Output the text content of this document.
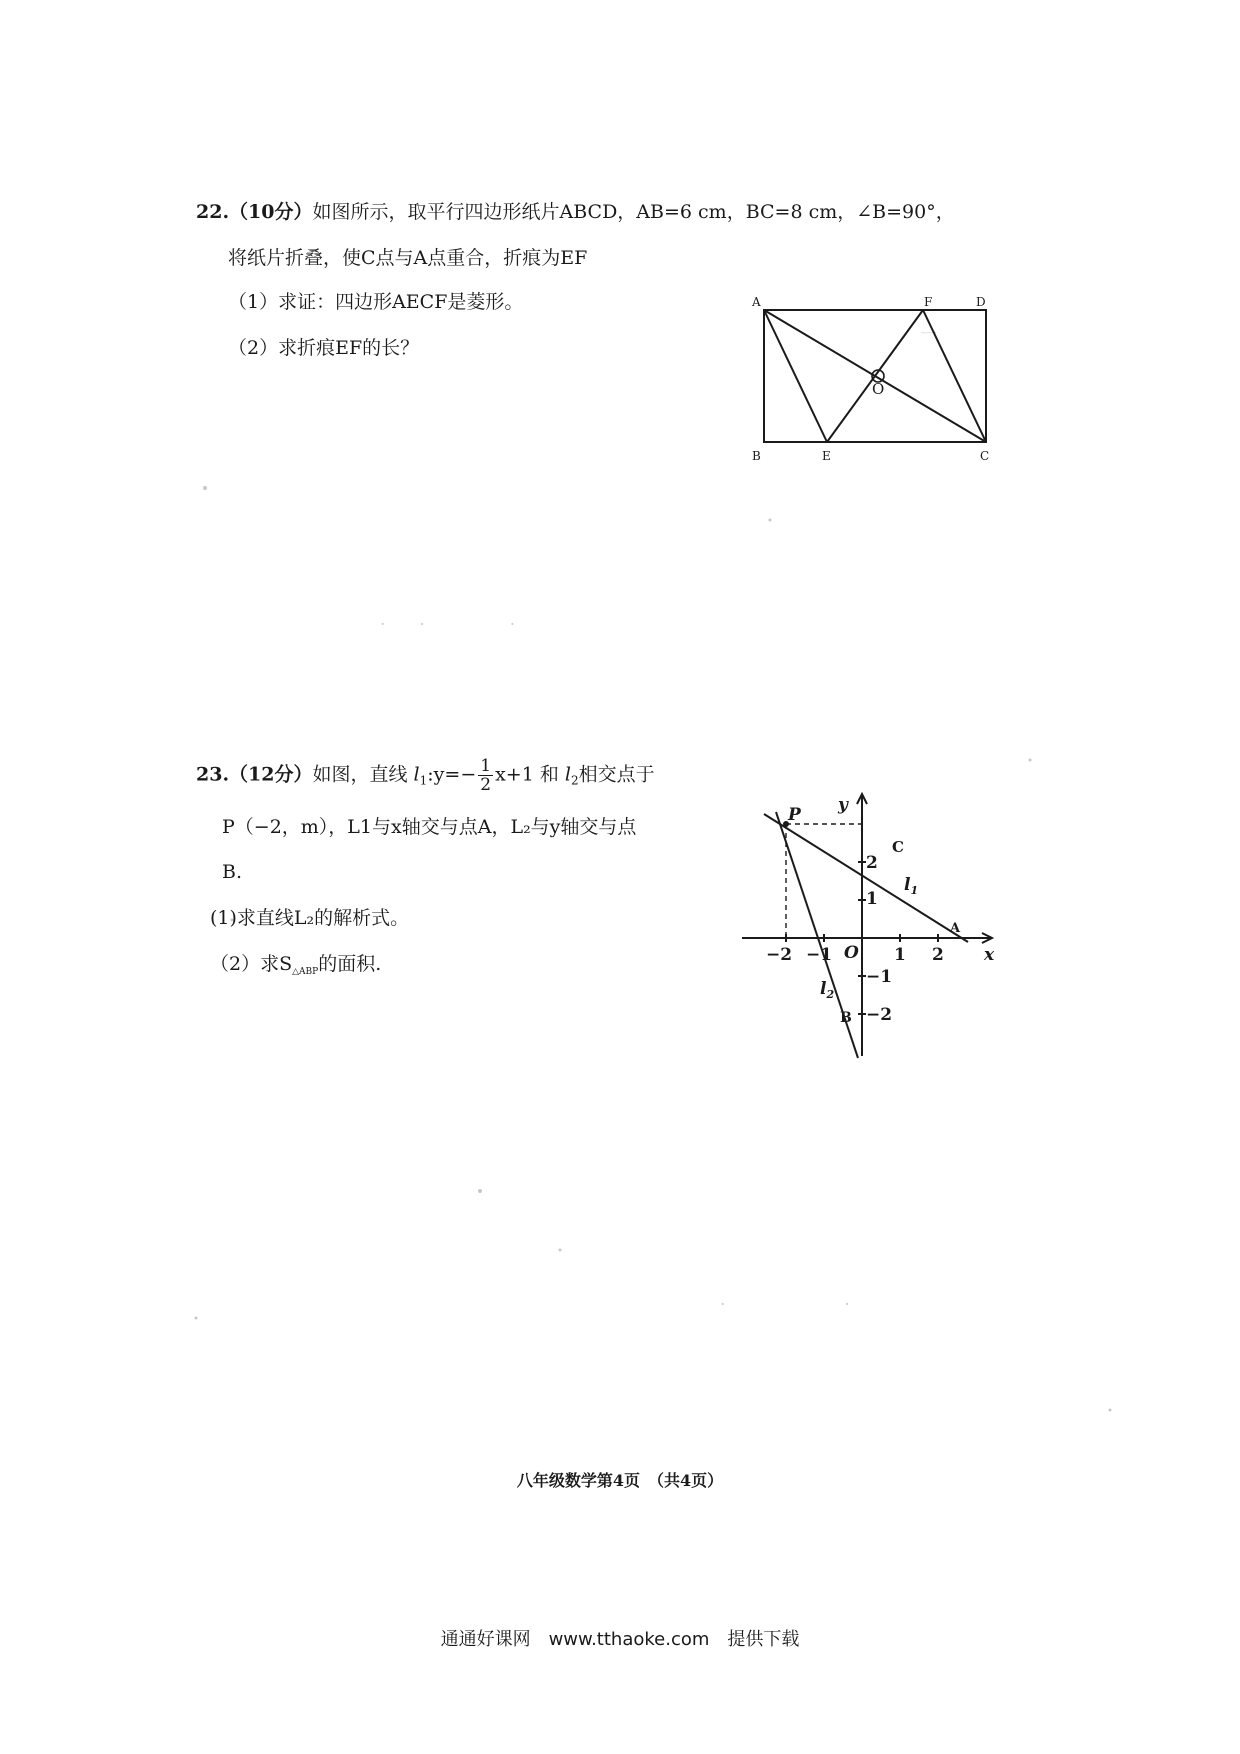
一　　　　　
·　　·　　　　　·　　　　
·　　　　　　　·　　　　
22.（10分）如图所示，取平行四边形纸片ABCD，AB=6 cm，BC=8 cm，∠B=90°，
将纸片折叠，使C点与A点重合，折痕为EF
（1）求证：四边形AECF是菱形。
（2）求折痕EF的长？
A	F	D
B	E	C
O
23.（12分）如图，直线 $l_1:y=- \frac{1}{2} x+1$ 和 $l_2$相交点于
P（−2，m），L1与x轴交与点A，L₂与y轴交与点
B.
(1)求直线L₂的解析式。
（2）求$S_{\triangle ABP}$的面积.
y
x
P
C
A
B
O
$l_1$
$l_2$
−2 −1	1 2
2
1
−1
−2
八年级数学第4页　（共4页）
通通好课网　www.tthaoke.com　提供下载
